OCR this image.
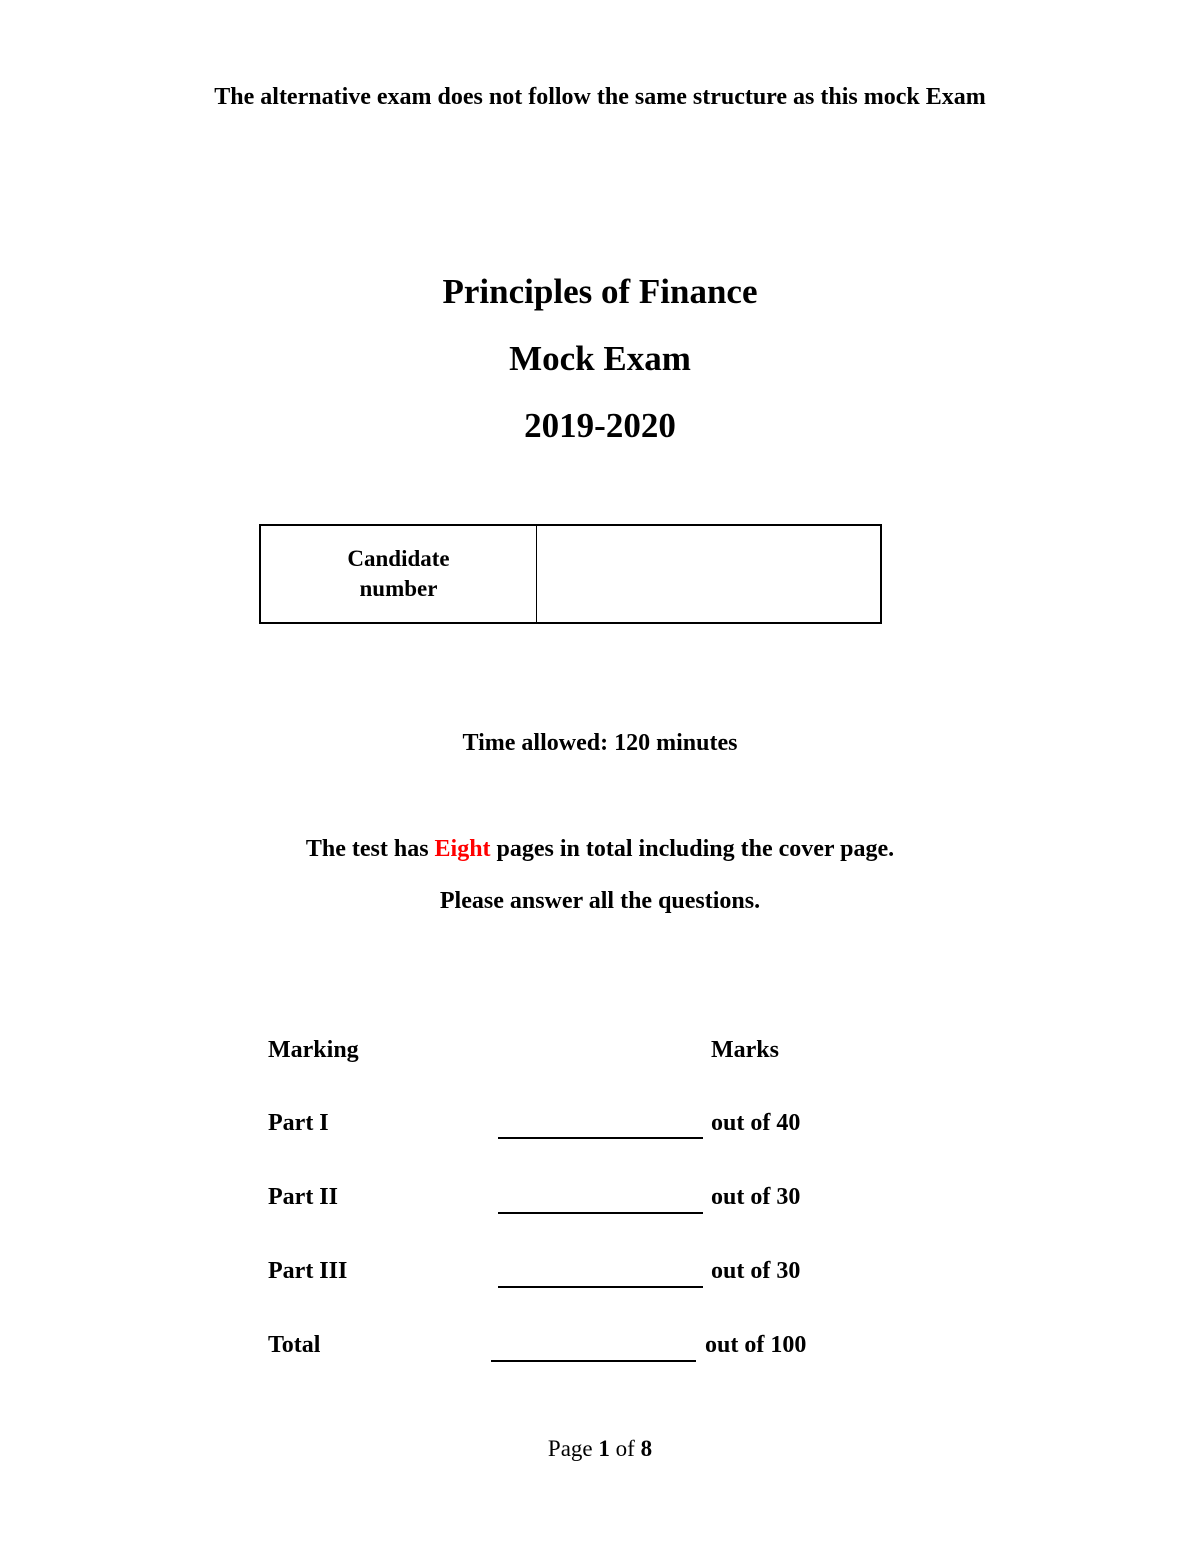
The alternative exam does not follow the same structure as this mock Exam
Principles of Finance
Mock Exam
2019-2020
Candidate number
Time allowed: 120 minutes
The test has Eight pages in total including the cover page.
Please answer all the questions.
Marking	Marks
Part I	out of 40
Part II	out of 30
Part III	out of 30
Total	out of 100
Page 1 of 8
